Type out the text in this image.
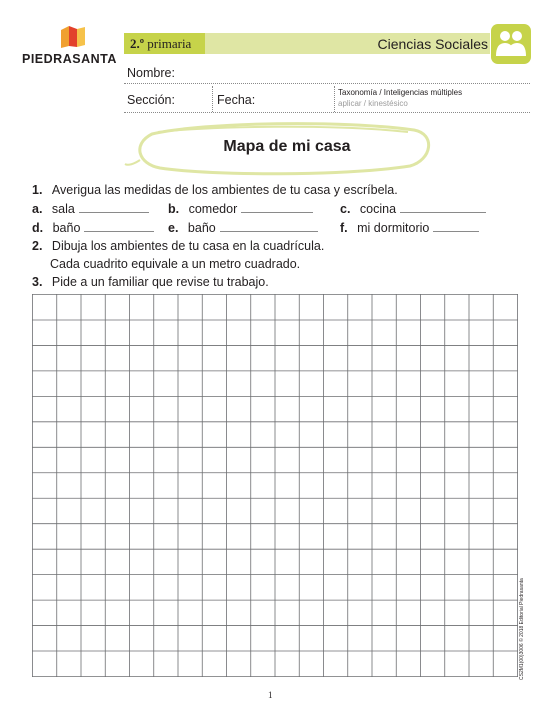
PIEDRASANTA
2.º primaria	Ciencias Sociales
Nombre:
Sección:	Fecha:
Taxonomía / Inteligencias múltiples
aplicar / kinestésico
Mapa de mi casa
1. Averigua las medidas de los ambientes de tu casa y escríbela.
a. sala	b. comedor	c. cocina
d. baño	e. baño	f. mi dormitorio
2. Dibuja los ambientes de tu casa en la cuadrícula.
Cada cuadrito equivale a un metro cuadrado.
3. Pide a un familiar que revise tu trabajo.
CS2M1(00)3006 © 2018 Editorial Piedrasanta
1
